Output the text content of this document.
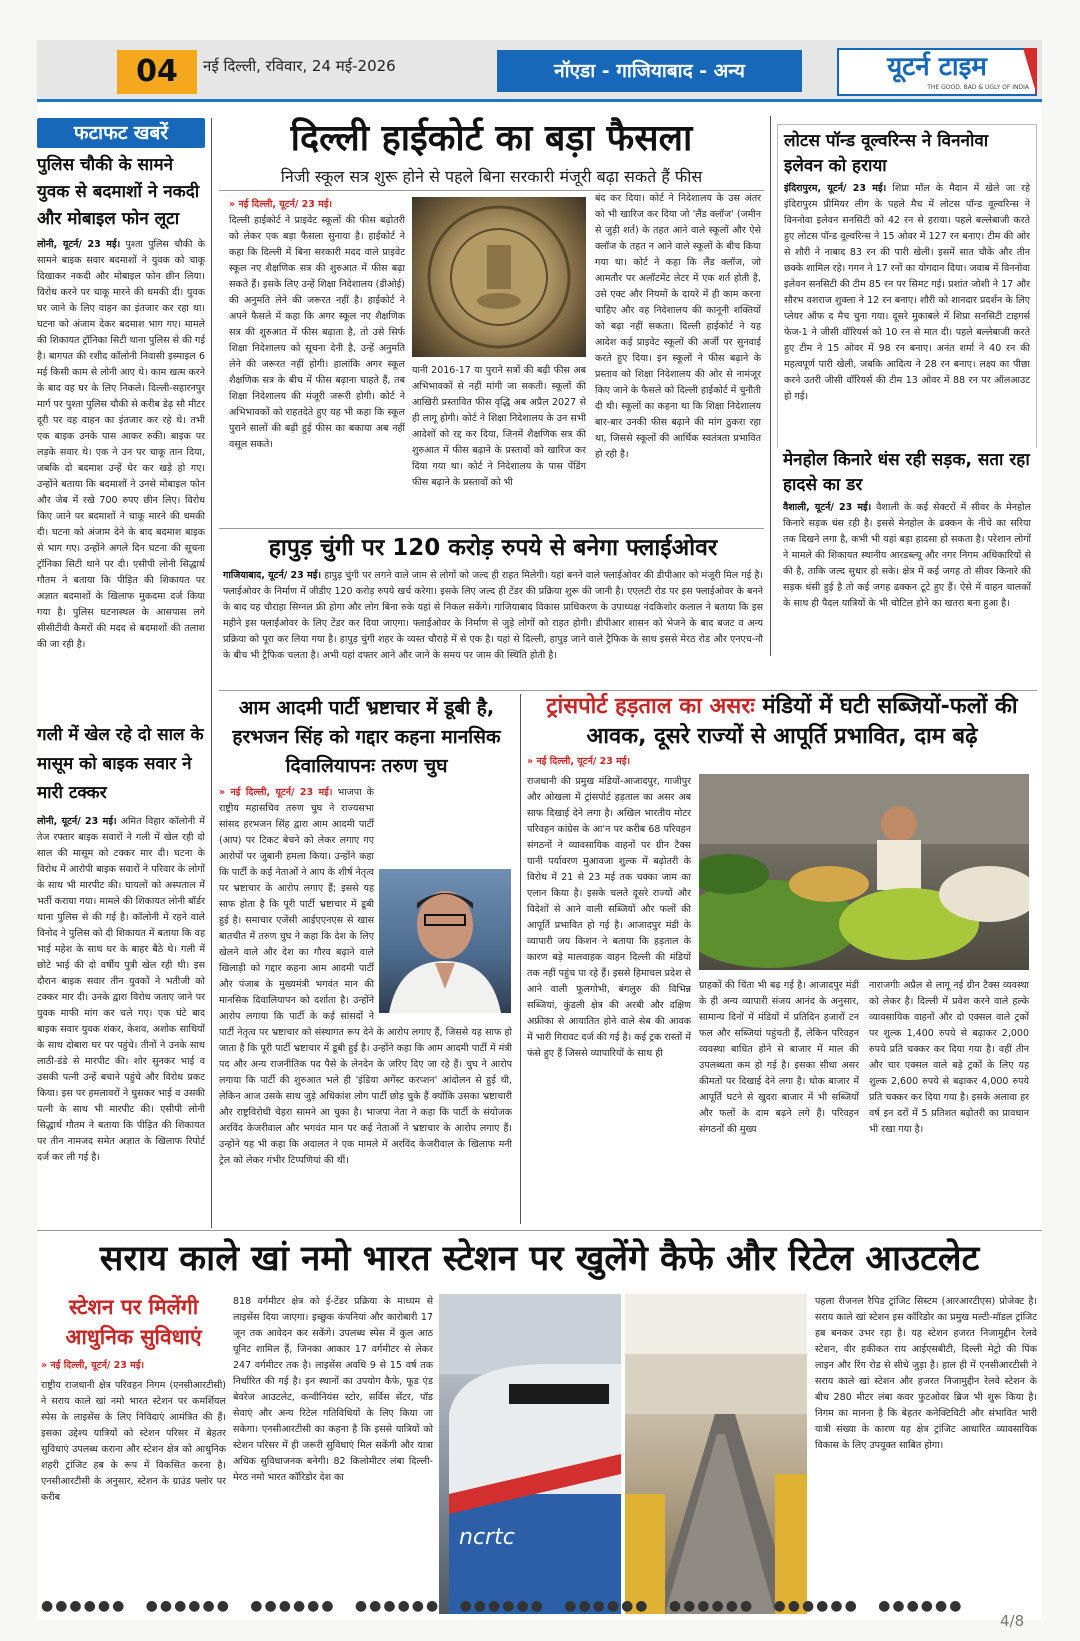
04	नई दिल्ली, रविवार, 24 मई-2026	नॉएडा - गाजियाबाद - अन्य	यूटर्न टाइम
THE GOOD, BAD & UGLY OF INDIA
फटाफट खबरें
पुलिस चौकी के सामने युवक से बदमाशों ने नकदी और मोबाइल फोन लूटा
लोनी, यूटर्न/ 23 मई। पुश्ता पुलिस चौकी के सामने बाइक सवार बदमाशों ने युवक को चाकू दिखाकर नकदी और मोबाइल फोन छीन लिया। विरोध करने पर चाकू मारने की धमकी दी। युवक घर जाने के लिए वाहन का इंतजार कर रहा था। घटना को अंजाम देकर बदमाश भाग गए। मामले की शिकायत ट्रॉनिका सिटी थाना पुलिस से की गई है। बागपत की रशीद कॉलोनी निवासी इस्माइल 6 मई किसी काम से लोनी आए थे। काम खत्म करने के बाद वह घर के लिए निकले। दिल्ली-सहारनपुर मार्ग पर पुश्ता पुलिस चौकी से करीब डेढ़ सौ मीटर दूरी पर वह वाहन का इंतजार कर रहे थे। तभी एक बाइक उनके पास आकर रुकी। बाइक पर लड़के सवार थे। एक ने उन पर चाकू तान दिया, जबकि दो बदमाश उन्हें घेर कर खड़े हो गए। उन्होंने बताया कि बदमाशों ने उनसे मोबाइल फोन और जेब में रखे 700 रुपए छीन लिए। विरोध किए जाने पर बदमाशों ने चाकू मारने की धमकी दी। घटना को अंजाम देने के बाद बदमाश बाइक से भाग गए। उन्होंने अगले दिन घटना की सूचना ट्रॉनिका सिटी थाने पर दी। एसीपी लोनी सिद्धार्थ गौतम ने बताया कि पीड़ित की शिकायत पर अज्ञात बदमाशों के खिलाफ मुकदमा दर्ज किया गया है। पुलिस घटनास्थल के आसपास लगे सीसीटीवी कैमरों की मदद से बदमाशों की तलाश की जा रही है।
गली में खेल रहे दो साल के मासूम को बाइक सवार ने मारी टक्कर
लोनी, यूटर्न/ 23 मई। अमित विहार कॉलोनी में तेज रफ्तार बाइक सवारों ने गली में खेल रही दो साल की मासूम को टक्कर मार दी। घटना के विरोध में आरोपी बाइक सवारों ने परिवार के लोगों के साथ भी मारपीट की। घायलों को अस्पताल में भर्ती कराया गया। मामले की शिकायत लोनी बॉर्डर थाना पुलिस से की गई है। कॉलोनी में रहने वाले विनोद ने पुलिस को दी शिकायत में बताया कि वह भाई महेश के साथ घर के बाहर बैठे थे। गली में छोटे भाई की दो वर्षीय पुत्री खेल रही थी। इस दौरान बाइक सवार तीन युवकों ने भतीजी को टक्कर मार दी। उनके द्वारा विरोध जताए जाने पर युवक माफी मांग कर चले गए। एक घंटे बाद बाइक सवार युवक शंकर, केशव, अशोक साथियों के साथ दोबारा घर पर पहुंचे। तीनों ने उनके साथ लाठी-डंडे से मारपीट की। शोर सुनकर भाई व उसकी पत्नी उन्हें बचाने पहुंचे और विरोध प्रकट किया। इस पर हमलावरों ने घुसकर भाई व उसकी पत्नी के साथ भी मारपीट की। एसीपी लोनी सिद्धार्थ गौतम ने बताया कि पीड़ित की शिकायत पर तीन नामजद समेत अज्ञात के खिलाफ रिपोर्ट दर्ज कर ली गई है।
दिल्ली हाईकोर्ट का बड़ा फैसला
निजी स्कूल सत्र शुरू होने से पहले बिना सरकारी मंजूरी बढ़ा सकते हैं फीस
» नई दिल्ली, यूटर्न/ 23 मई।
दिल्ली हाईकोर्ट ने प्राइवेट स्कूलों की फीस बढ़ोतरी को लेकर एक बड़ा फैसला सुनाया है। हाईकोर्ट ने कहा कि दिल्ली में बिना सरकारी मदद वाले प्राइवेट स्कूल नए शैक्षणिक सत्र की शुरुआत में फीस बढ़ा सकते हैं। इसके लिए उन्हें शिक्षा निदेशालय (डीओई) की अनुमति लेने की जरूरत नहीं है। हाईकोर्ट ने अपने फैसले में कहा कि अगर स्कूल नए शैक्षणिक सत्र की शुरुआत में फीस बढ़ाता है, तो उसे सिर्फ शिक्षा निदेशालय को सूचना देनी है, उन्हें अनुमति लेने की जरूरत नहीं होगी। हालांकि अगर स्कूल शैक्षणिक सत्र के बीच में फीस बढ़ाना चाहते हैं, तब शिक्षा निदेशालय की मंजूरी जरूरी होगी। कोर्ट ने अभिभावकों को राहतदेते हुए यह भी कहा कि स्कूल पुराने सालों की बढ़ी हुई फीस का बकाया अब नहीं वसूल सकते।
यानी 2016-17 या पुराने सत्रों की बढ़ी फीस अब अभिभावकों से नहीं मांगी जा सकती। स्कूलों की आखिरी प्रस्तावित फीस वृद्धि अब अप्रैल 2027 से ही लागू होगी। कोर्ट ने शिक्षा निदेशालय के उन सभी आदेशों को रद्द कर दिया, जिनमें शैक्षणिक सत्र की शुरुआत में फीस बढ़ाने के प्रस्तावों को खारिज कर दिया गया था। कोर्ट ने निदेशालय के पास पेंडिंग फीस बढ़ाने के प्रस्तावों को भी
बंद कर दिया। कोर्ट ने निदेशालय के उस अंतर को भी खारिज कर दिया जो 'लैंड क्लॉज' (जमीन से जुड़ी शर्त) के तहत आने वाले स्कूलों और ऐसे क्लॉज के तहत न आने वाले स्कूलों के बीच किया गया था। कोर्ट ने कहा कि लैंड क्लॉज, जो आमतौर पर अलॉटमेंट लेटर में एक शर्त होती है, उसे एक्ट और नियमों के दायरे में ही काम करना चाहिए और वह निदेशालय की कानूनी शक्तियों को बढ़ा नहीं सकता। दिल्ली हाईकोर्ट ने यह आदेश कई प्राइवेट स्कूलों की अर्जी पर सुनवाई करते हुए दिया। इन स्कूलों ने फीस बढ़ाने के प्रस्ताव को शिक्षा निदेशालय की ओर से नामंजूर किए जाने के फैसले को दिल्ली हाईकोर्ट में चुनौती दी थी। स्कूलों का कहना था कि शिक्षा निदेशालय बार-बार उनकी फीस बढ़ाने की मांग ठुकरा रहा था, जिससे स्कूलों की आर्थिक स्वतंत्रता प्रभावित हो रही है।
लोटस पॉन्ड वूल्वरिन्स ने विननोवा इलेवन को हराया
इंदिरापुरम, यूटर्न/ 23 मई। शिप्रा मॉल के मैदान में खेले जा रहे इंदिरापुरम प्रीमियर लीग के पहले मैच में लोटस पॉन्ड वूल्वरिन्स ने विननोवा इलेवन सनसिटी को 42 रन से हराया। पहले बल्लेबाजी करते हुए लोटस पॉन्ड वूल्वरिन्स ने 15 ओवर में 127 रन बनाए। टीम की ओर से शौरी ने नाबाद 83 रन की पारी खेली। इसमें सात चौके और तीन छक्के शामिल रहे। गगन ने 17 रनों का योगदान दिया। जवाब में विननोवा इलेवन सनसिटी की टीम 85 रन पर सिमट गई। प्रशांत जोशी ने 17 और सौरभ वशराज शुक्ला ने 12 रन बनाए। शौरी को शानदार प्रदर्शन के लिए प्लेयर ऑफ द मैच चुना गया। दूसरे मुकाबले में शिप्रा सनसिटी टाइगर्स फेज-1 ने जीसी वॉरियर्स को 10 रन से मात दी। पहले बल्लेबाजी करते हुए टीम ने 15 ओवर में 98 रन बनाए। अनंत शर्मा ने 40 रन की महत्वपूर्ण पारी खेली, जबकि आदित्य ने 28 रन बनाए। लक्ष्य का पीछा करने उतरी जीसी वॉरियर्स की टीम 13 ओवर में 88 रन पर ऑलआउट हो गई।
मेनहोल किनारे धंस रही सड़क, सता रहा हादसे का डर
वैशाली, यूटर्न/ 23 मई। वैशाली के कई सेक्टरों में सीवर के मेनहोल किनारे सड़क धंस रही है। इससे मेनहोल के ढक्कन के नीचे का सरिया तक दिखने लगा है, कभी भी यहां बड़ा हादसा हो सकता है। परेशान लोगों ने मामले की शिकायत स्थानीय आरडब्ल्यू और नगर निगम अधिकारियों से की है, ताकि जल्द सुधार हो सके। क्षेत्र में कई जगह तो सीवर किनारे की सड़क धंसी हुई है तो कई जगह ढक्कन टूटे हुए हैं। ऐसे में वाहन चालकों के साथ ही पैदल यात्रियों के भी चोटिल होने का खतरा बना हुआ है।
हापुड़ चुंगी पर 120 करोड़ रुपये से बनेगा फ्लाईओवर
गाजियाबाद, यूटर्न/ 23 मई। हापुड़ चुंगी पर लगने वाले जाम से लोगों को जल्द ही राहत मिलेगी। यहां बनने वाले फ्लाईओवर की डीपीआर को मंजूरी मिल गई है। फ्लाईओवर के निर्माण में जीडीए 120 करोड़ रुपये खर्च करेगा। इसके लिए जल्द ही टेंडर की प्रक्रिया शुरू की जानी है। एएलटी रोड पर इस फ्लाईओवर के बनने के बाद यह चौराहा सिग्नल फ्री होगा और लोग बिना रुके यहां से निकल सकेंगे। गाजियाबाद विकास प्राधिकरण के उपाध्यक्ष नंदकिशोर कलाल ने बताया कि इस महीने इस फ्लाईओवर के लिए टेंडर कर दिया जाएगा। फ्लाईओवर के निर्माण से जुड़े लोगों को राहत होगी। डीपीआर शासन को भेजने के बाद बजट व अन्य प्रक्रिया को पूरा कर लिया गया है। हापुड़ चुंगी शहर के व्यस्त चौराहे में से एक है। यहां से दिल्ली, हापुड़ जाने वाले ट्रैफिक के साथ इससे मेरठ रोड और एनएच-नौ के बीच भी ट्रैफिक चलता है। अभी यहां दफ्तर आने और जाने के समय पर जाम की स्थिति होती है।
आम आदमी पार्टी भ्रष्टाचार में डूबी है, हरभजन सिंह को गद्दार कहना मानसिक दिवालियापनः तरुण चुघ
» नई दिल्ली, यूटर्न/ 23 मई। भाजपा के राष्ट्रीय महासचिव तरुण चुघ ने राज्यसभा सांसद हरभजन सिंह द्वारा आम आदमी पार्टी (आप) पर टिकट बेचने को लेकर लगाए गए आरोपों पर जुबानी हमला किया। उन्होंने कहा कि पार्टी के कई नेताओं ने आप के शीर्ष नेतृत्व पर भ्रष्टाचार के आरोप लगाए हैं; इससे यह साफ होता है कि पूरी पार्टी भ्रष्टाचार में डूबी हुई है। समाचार एजेंसी आईएएनएस से खास बातचीत में तरुण चुघ ने कहा कि देश के लिए खेलने वाले और देश का गौरव बढ़ाने वाले खिलाड़ी को गद्दार कहना आम आदमी पार्टी और पंजाब के मुख्यमंत्री भगवंत मान की मानसिक दिवालियापन को दर्शाता है। उन्होंने आरोप लगाया कि पार्टी के कई सांसदों ने पार्टी नेतृत्व पर भ्रष्टाचार को संस्थागत रूप देने के आरोप लगाए हैं, जिससे यह साफ हो जाता है कि पूरी पार्टी भ्रष्टाचार में डूबी हुई है। उन्होंने कहा कि आम आदमी पार्टी में मंत्री पद और अन्य राजनीतिक पद पैसे के लेनदेन के जरिए दिए जा रहे हैं। चुघ ने आरोप लगाया कि पार्टी की शुरुआत भले ही 'इंडिया अगेंस्ट करप्शन' आंदोलन से हुई थी, लेकिन आज उसके साथ जुड़े अधिकांश लोग पार्टी छोड़ चुके हैं क्योंकि उसका भ्रष्टाचारी और राष्ट्रविरोधी चेहरा सामने आ चुका है। भाजपा नेता ने कहा कि पार्टी के संयोजक अरविंद केजरीवाल और भगवंत मान पर कई नेताओं ने भ्रष्टाचार के आरोप लगाए हैं। उन्होंने यह भी कहा कि अदालत ने एक मामले में अरविंद केजरीवाल के खिलाफ मनी ट्रेल को लेकर गंभीर टिप्पणियां की थीं।
ट्रांसपोर्ट हड़ताल का असरः मंडियों में घटी सब्जियों-फलों की आवक, दूसरे राज्यों से आपूर्ति प्रभावित, दाम बढ़े
» नई दिल्ली, यूटर्न/ 23 मई।
राजधानी की प्रमुख मंडियों-आजादपुर, गाजीपुर और ओखला में ट्रांसपोर्ट हड़ताल का असर अब साफ दिखाई देने लगा है। अखिल भारतीय मोटर परिवहन कांग्रेस के आ'न पर करीब 68 परिवहन संगठनों ने व्यावसायिक वाहनों पर ग्रीन टैक्स यानी पर्यावरण मुआवजा शुल्क में बढ़ोतरी के विरोध में 21 से 23 मई तक चक्का जाम का एलान किया है। इसके चलते दूसरे राज्यों और विदेशों से आने वाली सब्जियों और फलों की आपूर्ति प्रभावित हो गई है। आजादपुर मंडी के व्यापारी जय किशन ने बताया कि हड़ताल के कारण बड़े मालवाहक वाहन दिल्ली की मंडियों तक नहीं पहुंच पा रहे हैं। इससे हिमाचल प्रदेश से आने वाली फूलगोभी, बंगलुरु की विभिन्न सब्जियां, कुंडली क्षेत्र की अरबी और दक्षिण अफ्रीका से आयातित होने वाले सेब की आवक में भारी गिरावट दर्ज की गई है। कई ट्रक रास्तों में फंसे हुए हैं जिससे व्यापारियों के साथ ही
ग्राहकों की चिंता भी बढ़ गई है। आजादपुर मंडी के ही अन्य व्यापारी संजय आनंद के अनुसार, सामान्य दिनों में मंडियों में प्रतिदिन हजारों टन फल और सब्जियां पहुंचती हैं, लेकिन परिवहन व्यवस्था बाधित होने से बाजार में माल की उपलब्धता कम हो गई है। इसका सीधा असर कीमतों पर दिखाई देने लगा है। थोक बाजार में आपूर्ति घटने से खुदरा बाजार में भी सब्जियों और फलों के दाम बढ़ने लगे हैं। परिवहन संगठनों की मुख्य
नाराजगीः अप्रैल से लागू नई ग्रीन टैक्स व्यवस्था को लेकर है। दिल्ली में प्रवेश करने वाले हल्के व्यावसायिक वाहनों और दो एक्सल वाले ट्रकों पर शुल्क 1,400 रुपये से बढ़ाकर 2,000 रुपये प्रति चक्कर कर दिया गया है। वहीं तीन और चार एक्सल वाले बड़े ट्रकों के लिए यह शुल्क 2,600 रुपये से बढ़ाकर 4,000 रुपये प्रति चक्कर कर दिया गया है। इसके अलावा हर वर्ष इन दरों में 5 प्रतिशत बढ़ोतरी का प्रावधान भी रखा गया है।
सराय काले खां नमो भारत स्टेशन पर खुलेंगे कैफे और रिटेल आउटलेट
स्टेशन पर मिलेंगी आधुनिक सुविधाएं
» नई दिल्ली, यूटर्न/ 23 मई।
राष्ट्रीय राजधानी क्षेत्र परिवहन निगम (एनसीआरटीसी) ने सराय काले खां नमो भारत स्टेशन पर कमर्शियल स्पेस के लाइसेंस के लिए निविदाएं आमंत्रित की हैं। इसका उद्देश्य यात्रियों को स्टेशन परिसर में बेहतर सुविधाएं उपलब्ध कराना और स्टेशन क्षेत्र को आधुनिक शहरी ट्रांजिट हब के रूप में विकसित करना है। एनसीआरटीसी के अनुसार, स्टेशन के ग्राउंड फ्लोर पर करीब
818 वर्गमीटर क्षेत्र को ई-टेंडर प्रक्रिया के माध्यम से लाइसेंस दिया जाएगा। इच्छुक कंपनियां और कारोबारी 17 जून तक आवेदन कर सकेंगे। उपलब्ध स्पेस में कुल आठ यूनिट शामिल हैं, जिनका आकार 17 वर्गमीटर से लेकर 247 वर्गमीटर तक है। लाइसेंस अवधि 9 से 15 वर्ष तक निर्धारित की गई है। इन स्थानों का उपयोग कैफे, फूड एंड बेवरेज आउटलेट, कन्वीनियंस स्टोर, सर्विस सेंटर, पॉड सेवाएं और अन्य रिटेल गतिविधियों के लिए किया जा सकेगा। एनसीआरटीसी का कहना है कि इससे यात्रियों को स्टेशन परिसर में ही जरूरी सुविधाएं मिल सकेंगी और यात्रा अधिक सुविधाजनक बनेगी। 82 किलोमीटर लंबा दिल्ली-मेरठ नमो भारत कॉरिडोर देश का
ncrtc
पहला रीजनल रैपिड ट्रांजिट सिस्टम (आरआरटीएस) प्रोजेक्ट है। सराय काले खां स्टेशन इस कॉरिडोर का प्रमुख मल्टी-मॉडल ट्रांजिट हब बनकर उभर रहा है। यह स्टेशन हजरत निजामुद्दीन रेलवे स्टेशन, वीर हकीकत राय आईएसबीटी, दिल्ली मेट्रो की पिंक लाइन और रिंग रोड से सीधे जुड़ा है। हाल ही में एनसीआरटीसी ने सराय काले खां स्टेशन और हजरत निजामुद्दीन रेलवे स्टेशन के बीच 280 मीटर लंबा कवर फुटओवर ब्रिज भी शुरू किया है। निगम का मानना है कि बेहतर कनेक्टिविटी और संभावित भारी यात्री संख्या के कारण यह क्षेत्र ट्रांजिट आधारित व्यावसायिक विकास के लिए उपयुक्त साबित होगा।
●●●●●●   ●●●●●●   ●●●●●●   ●●●●●●   ●●●●●●   ●●●●●●   ●●●●●●   ●●●●●●   ●●●●●●
4/8
